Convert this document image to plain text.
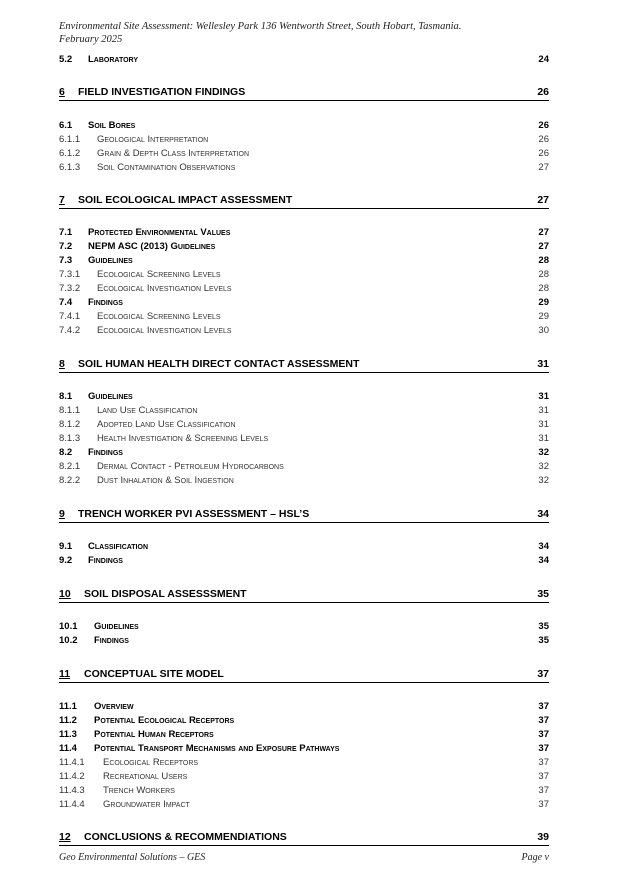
Environmental Site Assessment: Wellesley Park 136 Wentworth Street, South Hobart, Tasmania.
February 2025
5.2 Laboratory	24
6 FIELD INVESTIGATION FINDINGS	26
6.1 Soil Bores	26
6.1.1 Geological Interpretation	26
6.1.2 Grain & Depth Class Interpretation	26
6.1.3 Soil Contamination Observations	27
7 SOIL ECOLOGICAL IMPACT ASSESSMENT	27
7.1 Protected Environmental Values	27
7.2 NEPM ASC (2013) Guidelines	27
7.3 Guidelines	28
7.3.1 Ecological Screening Levels	28
7.3.2 Ecological Investigation Levels	28
7.4 Findings	29
7.4.1 Ecological Screening Levels	29
7.4.2 Ecological Investigation Levels	30
8 SOIL HUMAN HEALTH DIRECT CONTACT ASSESSMENT	31
8.1 Guidelines	31
8.1.1 Land Use Classification	31
8.1.2 Adopted Land Use Classification	31
8.1.3 Health Investigation & Screening Levels	31
8.2 Findings	32
8.2.1 Dermal Contact - Petroleum Hydrocarbons	32
8.2.2 Dust Inhalation & Soil Ingestion	32
9 TRENCH WORKER PVI ASSESSMENT – HSL’S	34
9.1 Classification	34
9.2 Findings	34
10 SOIL DISPOSAL ASSESSSMENT	35
10.1 Guidelines	35
10.2 Findings	35
11 CONCEPTUAL SITE MODEL	37
11.1 Overview	37
11.2 Potential Ecological Receptors	37
11.3 Potential Human Receptors	37
11.4 Potential Transport Mechanisms and Exposure Pathways	37
11.4.1 Ecological Receptors	37
11.4.2 Recreational Users	37
11.4.3 Trench Workers	37
11.4.4 Groundwater Impact	37
12 CONCLUSIONS & RECOMMENDIATIONS	39
Geo Environmental Solutions – GES	Page v
